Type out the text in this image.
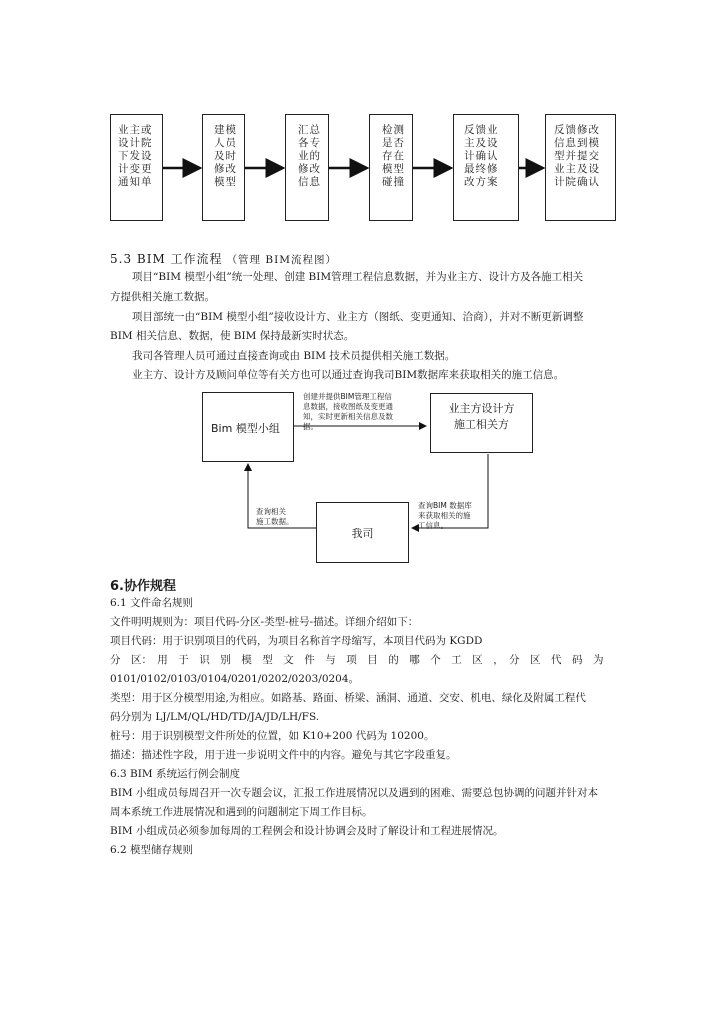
业主或
设计院
下发设
计变更
通知单
建模
人员
及时
修改
模型
汇总
各专
业的
修改
信息
检测
是否
存在
模型
碰撞
反馈业
主及设
计确认
最终修
改方案
反馈修改
信息到模
型并提交
业主及设
计院确认
5.3 BIM 工作流程 （管理 BIM流程图）
项目“BIM 模型小组”统一处理、创建 BIM管理工程信息数据，并为业主方、设计方及各施工相关
方提供相关施工数据。
项目部统一由“BIM 模型小组”接收设计方、业主方（图纸、变更通知、洽商），并对不断更新调整
BIM 相关信息、数据，使 BIM 保持最新实时状态。
我司各管理人员可通过直接查询或由 BIM 技术员提供相关施工数据。
业主方、设计方及顾问单位等有关方也可以通过查询我司BIM数据库来获取相关的施工信息。
Bim 模型小组
业主方设计方
施工相关方
我司
创建并提供BIM管理工程信
息数据，接收图纸及变更通
知，实时更新相关信息及数
据。
查询BIM 数据库
来获取相关的施
工信息。
查询相关
施工数据。
6.协作规程
6.1 文件命名规则
文件明明规则为：项目代码-分区-类型-桩号-描述。详细介绍如下：
项目代码：用于识别项目的代码，为项目名称首字母缩写，本项目代码为 KGDD
分　区：　用　于　识　别　模　型　文　件　与　项　目　的　哪　个　工　区　，　分　区　代　码　为
0101/0102/0103/0104/0201/0202/0203/0204。
类型：用于区分模型用途,为相应。如路基、路面、桥梁、涵洞、通道、交安、机电、绿化及附属工程代
码分别为 LJ/LM/QL/HD/TD/JA/JD/LH/FS.
桩号：用于识别模型文件所处的位置，如 K10+200 代码为 10200。
描述：描述性字段，用于进一步说明文件中的内容。避免与其它字段重复。
6.3 BIM 系统运行例会制度
BIM 小组成员每周召开一次专题会议，汇报工作进展情况以及遇到的困难、需要总包协调的问题并针对本
周本系统工作进展情况和遇到的问题制定下周工作目标。
BIM 小组成员必须参加每周的工程例会和设计协调会及时了解设计和工程进展情况。
6.2 模型储存规则
